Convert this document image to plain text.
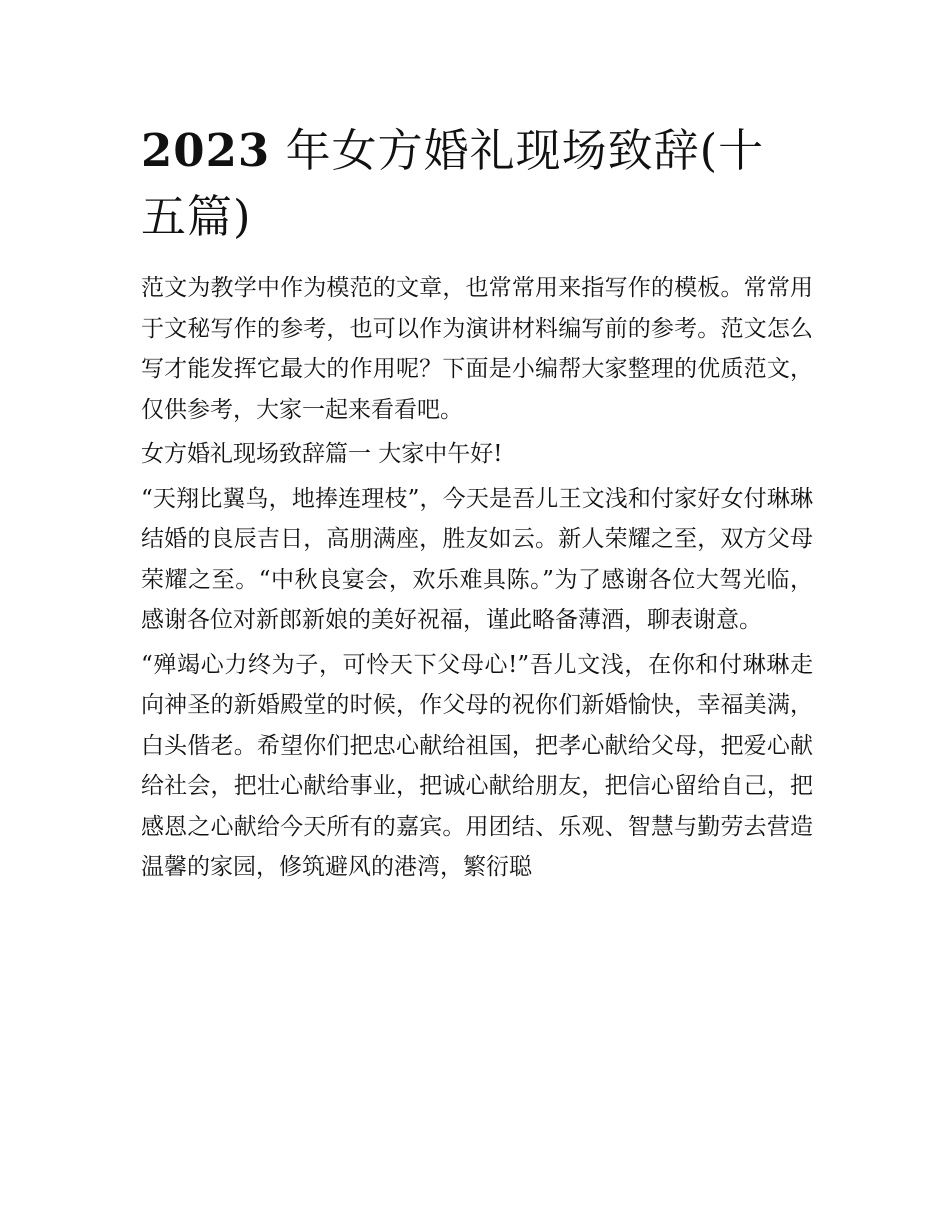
2023 年女方婚礼现场致辞(十五篇)

范文为教学中作为模范的文章，也常常用来指写作的模板。常常用于文秘写作的参考，也可以作为演讲材料编写前的参考。范文怎么写才能发挥它最大的作用呢？下面是小编帮大家整理的优质范文，仅供参考，大家一起来看看吧。

女方婚礼现场致辞篇一 大家中午好!

“天翔比翼鸟，地捧连理枝”，今天是吾儿王文浅和付家好女付琳琳结婚的良辰吉日，高朋满座，胜友如云。新人荣耀之至，双方父母荣耀之至。“中秋良宴会，欢乐难具陈。”为了感谢各位大驾光临，感谢各位对新郎新娘的美好祝福，谨此略备薄酒，聊表谢意。

“殚竭心力终为子，可怜天下父母心!”吾儿文浅，在你和付琳琳走向神圣的新婚殿堂的时候，作父母的祝你们新婚愉快，幸福美满，白头偕老。希望你们把忠心献给祖国，把孝心献给父母，把爱心献给社会，把壮心献给事业，把诚心献给朋友，把信心留给自己，把感恩之心献给今天所有的嘉宾。用团结、乐观、智慧与勤劳去营造温馨的家园，修筑避风的港湾，繁衍聪
